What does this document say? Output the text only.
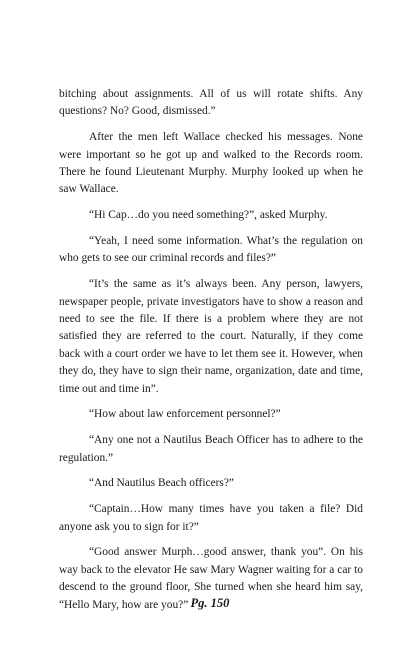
bitching about assignments. All of us will rotate shifts. Any questions? No? Good, dismissed.”

After the men left Wallace checked his messages. None were important so he got up and walked to the Records room. There he found Lieutenant Murphy. Murphy looked up when he saw Wallace.

“Hi Cap…do you need something?”, asked Murphy.

“Yeah, I need some information. What’s the regulation on who gets to see our criminal records and files?”

“It’s the same as it’s always been. Any person, lawyers, newspaper people, private investigators have to show a reason and need to see the file. If there is a problem where they are not satisfied they are referred to the court. Naturally, if they come back with a court order we have to let them see it. However, when they do, they have to sign their name, organization, date and time, time out and time in”.

“How about law enforcement personnel?”

“Any one not a Nautilus Beach Officer has to adhere to the regulation.”

“And Nautilus Beach officers?”

“Captain…How many times have you taken a file? Did anyone ask you to sign for it?”

“Good answer Murph…good answer, thank you”. On his way back to the elevator He saw Mary Wagner waiting for a car to descend to the ground floor, She turned when she heard him say, “Hello Mary, how are you?” Pg. 150
